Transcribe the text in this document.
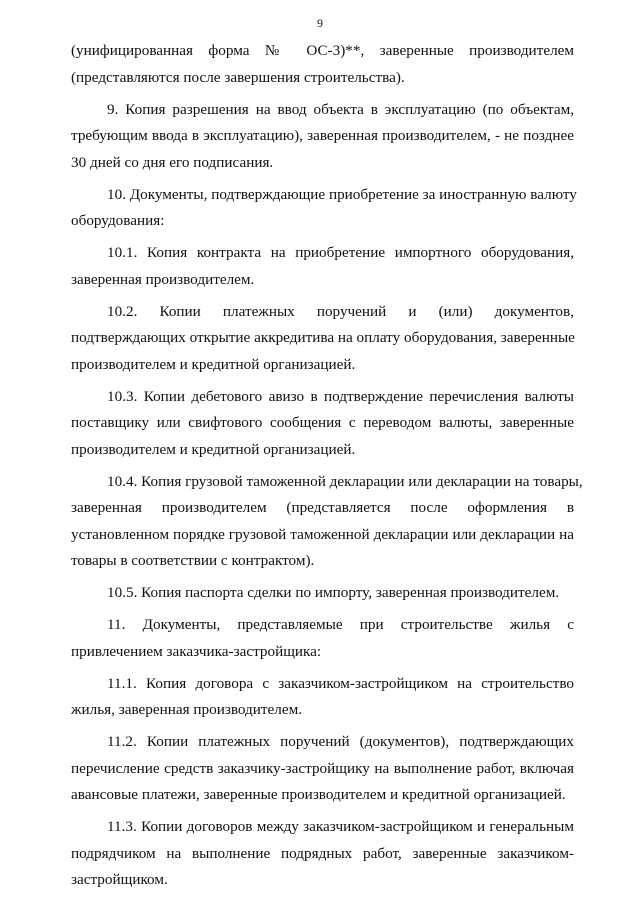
9
(унифицированная форма № ОС-3)**, заверенные производителем
(представляются после завершения строительства).
9. Копия разрешения на ввод объекта в эксплуатацию (по объектам,
требующим ввода в эксплуатацию), заверенная производителем, - не позднее
30 дней со дня его подписания.
10. Документы, подтверждающие приобретение за иностранную валюту
оборудования:
10.1. Копия контракта на приобретение импортного оборудования,
заверенная производителем.
10.2. Копии платежных поручений и (или) документов,
подтверждающих открытие аккредитива на оплату оборудования, заверенные
производителем и кредитной организацией.
10.3. Копии дебетового авизо в подтверждение перечисления валюты
поставщику или свифтового сообщения с переводом валюты, заверенные
производителем и кредитной организацией.
10.4. Копия грузовой таможенной декларации или декларации на товары,
заверенная производителем (представляется после оформления в
установленном порядке грузовой таможенной декларации или декларации на
товары в соответствии с контрактом).
10.5. Копия паспорта сделки по импорту, заверенная производителем.
11. Документы, представляемые при строительстве жилья с
привлечением заказчика-застройщика:
11.1. Копия договора с заказчиком-застройщиком на строительство
жилья, заверенная производителем.
11.2. Копии платежных поручений (документов), подтверждающих
перечисление средств заказчику-застройщику на выполнение работ, включая
авансовые платежи, заверенные производителем и кредитной организацией.
11.3. Копии договоров между заказчиком-застройщиком и генеральным
подрядчиком на выполнение подрядных работ, заверенные заказчиком-
застройщиком.
